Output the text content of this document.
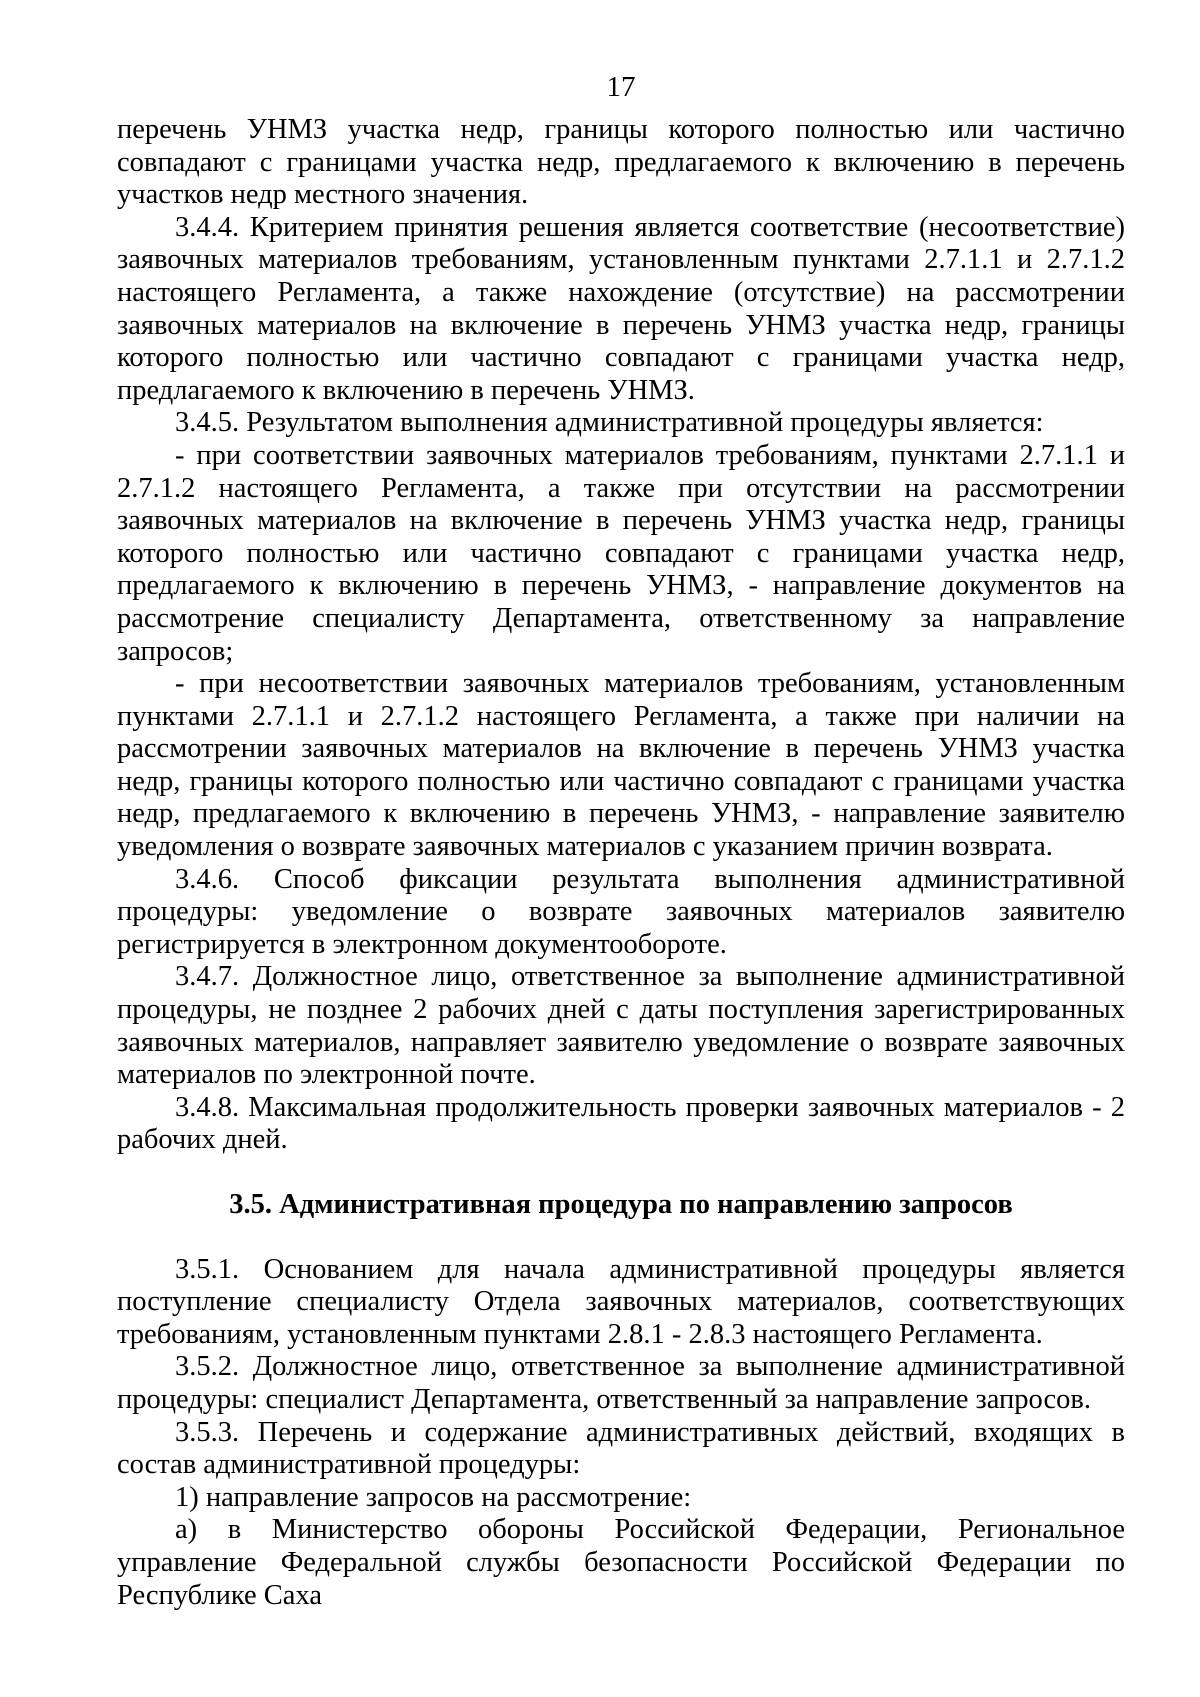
17

перечень УНМЗ участка недр, границы которого полностью или частично совпадают с границами участка недр, предлагаемого к включению в перечень участков недр местного значения.

3.4.4. Критерием принятия решения является соответствие (несоответствие) заявочных материалов требованиям, установленным пунктами 2.7.1.1 и 2.7.1.2 настоящего Регламента, а также нахождение (отсутствие) на рассмотрении заявочных материалов на включение в перечень УНМЗ участка недр, границы которого полностью или частично совпадают с границами участка недр, предлагаемого к включению в перечень УНМЗ.

3.4.5. Результатом выполнения административной процедуры является:

- при соответствии заявочных материалов требованиям, пунктами 2.7.1.1 и 2.7.1.2 настоящего Регламента, а также при отсутствии на рассмотрении заявочных материалов на включение в перечень УНМЗ участка недр, границы которого полностью или частично совпадают с границами участка недр, предлагаемого к включению в перечень УНМЗ, - направление документов на рассмотрение специалисту Департамента, ответственному за направление запросов;

- при несоответствии заявочных материалов требованиям, установленным пунктами 2.7.1.1 и 2.7.1.2 настоящего Регламента, а также при наличии на рассмотрении заявочных материалов на включение в перечень УНМЗ участка недр, границы которого полностью или частично совпадают с границами участка недр, предлагаемого к включению в перечень УНМЗ, - направление заявителю уведомления о возврате заявочных материалов с указанием причин возврата.

3.4.6. Способ фиксации результата выполнения административной процедуры: уведомление о возврате заявочных материалов заявителю регистрируется в электронном документообороте.

3.4.7. Должностное лицо, ответственное за выполнение административной процедуры, не позднее 2 рабочих дней с даты поступления зарегистрированных заявочных материалов, направляет заявителю уведомление о возврате заявочных материалов по электронной почте.

3.4.8. Максимальная продолжительность проверки заявочных материалов - 2 рабочих дней.

3.5. Административная процедура по направлению запросов

3.5.1. Основанием для начала административной процедуры является поступление специалисту Отдела заявочных материалов, соответствующих требованиям, установленным пунктами 2.8.1 - 2.8.3 настоящего Регламента.

3.5.2. Должностное лицо, ответственное за выполнение административной процедуры: специалист Департамента, ответственный за направление запросов.

3.5.3. Перечень и содержание административных действий, входящих в состав административной процедуры:

1) направление запросов на рассмотрение:

а) в Министерство обороны Российской Федерации, Региональное управление Федеральной службы безопасности Российской Федерации по Республике Саха
